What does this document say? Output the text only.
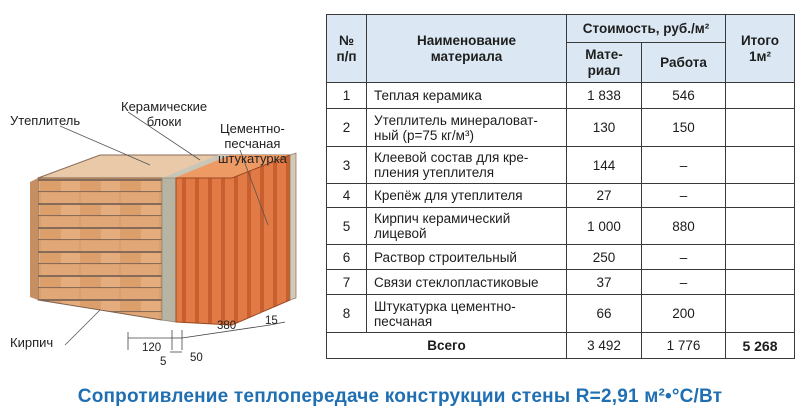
Утеплитель
Керамические
блоки	Цементно-
песчаная
штукатурка
Кирпич	120
5 50
380	15
№
п/п	Наименование
материала	Стоимость, руб./м²		Итого
1м²
		Мате-
риал	Работа	
1	Теплая керамика	1 838	546	
2	Утеплитель минераловат-
ный (р=75 кг/м³)	130	150	
3	Клеевой состав для кре-
пления утеплителя	144	–	
4	Крепёж для утеплителя	27	–	
5	Кирпич керамический
лицевой	1 000	880	
6	Раствор строительный	250	–	
7	Связи стеклопластиковые	37	–	
8	Штукатурка цементно-
песчаная	66	200	
Всего		3 492	1 776	5 268
Сопротивление теплопередаче конструкции стены R=2,91 м²•°C/Вт
